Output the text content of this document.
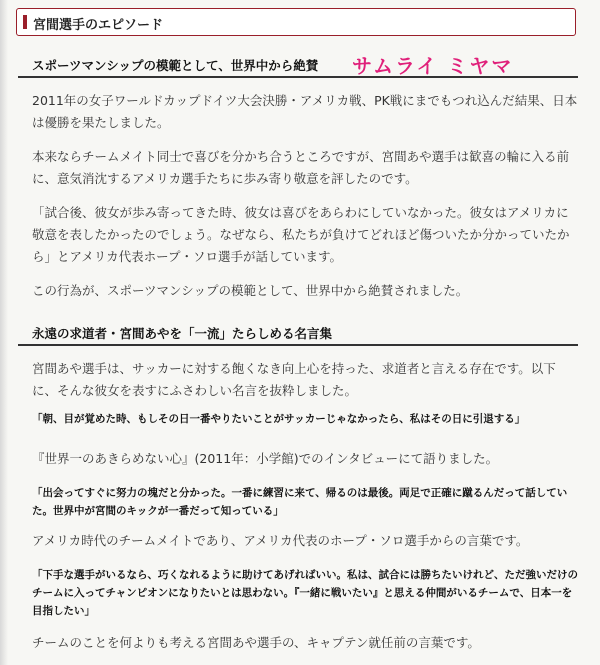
宮間選手のエピソード
スポーツマンシップの模範として、世界中から絶賛 サムライ ミヤマ

2011年の女子ワールドカップドイツ大会決勝・アメリカ戦、PK戦にまでもつれ込んだ結果、日本は優勝を果たしました。

本来ならチームメイト同士で喜びを分かち合うところですが、宮間あや選手は歓喜の輪に入る前に、意気消沈するアメリカ選手たちに歩み寄り敬意を評したのです。

「試合後、彼女が歩み寄ってきた時、彼女は喜びをあらわにしていなかった。彼女はアメリカに敬意を表したかったのでしょう。なぜなら、私たちが負けてどれほど傷ついたか分かっていたから」とアメリカ代表ホープ・ソロ選手が話しています。

この行為が、スポーツマンシップの模範として、世界中から絶賛されました。

永遠の求道者・宮間あやを「一流」たらしめる名言集

宮間あや選手は、サッカーに対する飽くなき向上心を持った、求道者と言える存在です。以下に、そんな彼女を表すにふさわしい名言を抜粋しました。

「朝、目が覚めた時、もしその日一番やりたいことがサッカーじゃなかったら、私はその日に引退する」

『世界一のあきらめない心』(2011年：小学館)でのインタビューにて語りました。

「出会ってすぐに努力の塊だと分かった。一番に練習に来て、帰るのは最後。両足で正確に蹴るんだって話していた。世界中が宮間のキックが一番だって知っている」

アメリカ時代のチームメイトであり、アメリカ代表のホープ・ソロ選手からの言葉です。

「下手な選手がいるなら、巧くなれるように助けてあげればいい。私は、試合には勝ちたいけれど、ただ強いだけのチームに入ってチャンピオンになりたいとは思わない。『一緒に戦いたい』と思える仲間がいるチームで、日本一を目指したい」

チームのことを何よりも考える宮間あや選手の、キャプテン就任前の言葉です。
